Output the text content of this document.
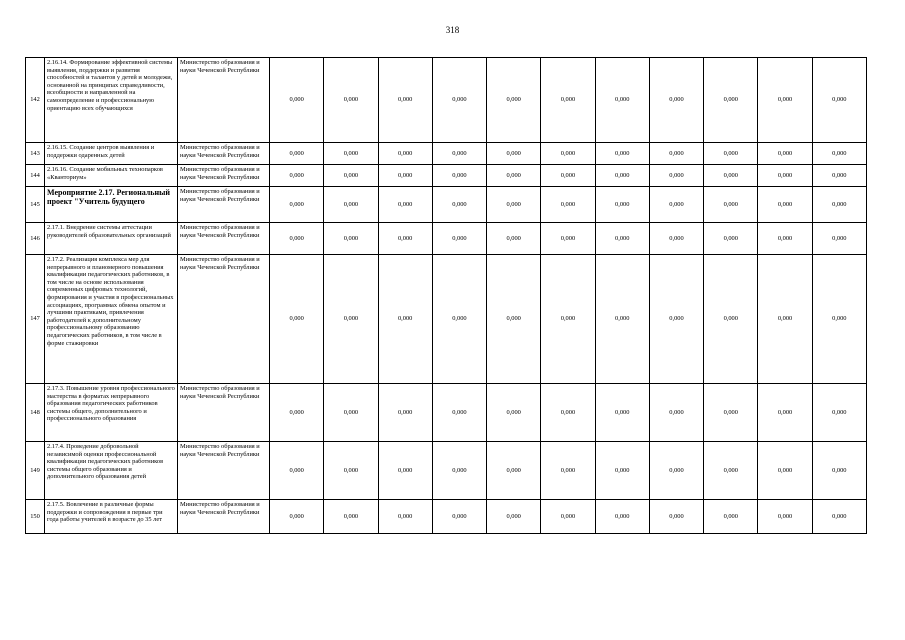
318
142	2.16.14. Формирование эффективной системы выявления, поддержки и развития способностей и талантов у детей и молодежи, основанной на принципах справедливости, всеобщности и направленной на самоопределение и профессиональную ориентацию всех обучающихся	Министерство образования и науки Чеченской Республики	0,000	0,000	0,000	0,000	0,000	0,000	0,000	0,000	0,000	0,000	0,000
143	2.16.15. Создание центров выявления и поддержки одаренных детей	Министерство образования и науки Чеченской Республики	0,000	0,000	0,000	0,000	0,000	0,000	0,000	0,000	0,000	0,000	0,000
144	2.16.16. Создание мобильных технопарков «Кванториум»	Министерство образования и науки Чеченской Республики	0,000	0,000	0,000	0,000	0,000	0,000	0,000	0,000	0,000	0,000	0,000
145	Мероприятие 2.17. Региональный проект "Учитель будущего	Министерство образования и науки Чеченской Республики	0,000	0,000	0,000	0,000	0,000	0,000	0,000	0,000	0,000	0,000	0,000
146	2.17.1. Внедрение системы аттестации руководителей образовательных организаций	Министерство образования и науки Чеченской Республики	0,000	0,000	0,000	0,000	0,000	0,000	0,000	0,000	0,000	0,000	0,000
147	2.17.2. Реализация комплекса мер для непрерывного и планомерного повышения квалификации педагогических работников, в том числе на основе использования современных цифровых технологий, формирования и участия в профессиональных ассоциациях, программах обмена опытом и лучшими практиками, привлечения работодателей к дополнительному профессиональному образованию педагогических работников, в том числе в форме стажировки	Министерство образования и науки Чеченской Республики	0,000	0,000	0,000	0,000	0,000	0,000	0,000	0,000	0,000	0,000	0,000
148	2.17.3. Повышение уровня профессионального мастерства в форматах непрерывного образования педагогических работников системы общего, дополнительного и профессионального образования	Министерство образования и науки Чеченской Республики	0,000	0,000	0,000	0,000	0,000	0,000	0,000	0,000	0,000	0,000	0,000
149	2.17.4. Проведение добровольной независимой оценки профессиональной квалификации педагогических работников системы общего образования и дополнительного образования детей	Министерство образования и науки Чеченской Республики	0,000	0,000	0,000	0,000	0,000	0,000	0,000	0,000	0,000	0,000	0,000
150	2.17.5. Вовлечение в различные формы поддержки и сопровождения в первые три года работы учителей в возрасте до 35 лет	Министерство образования и науки Чеченской Республики	0,000	0,000	0,000	0,000	0,000	0,000	0,000	0,000	0,000	0,000	0,000
